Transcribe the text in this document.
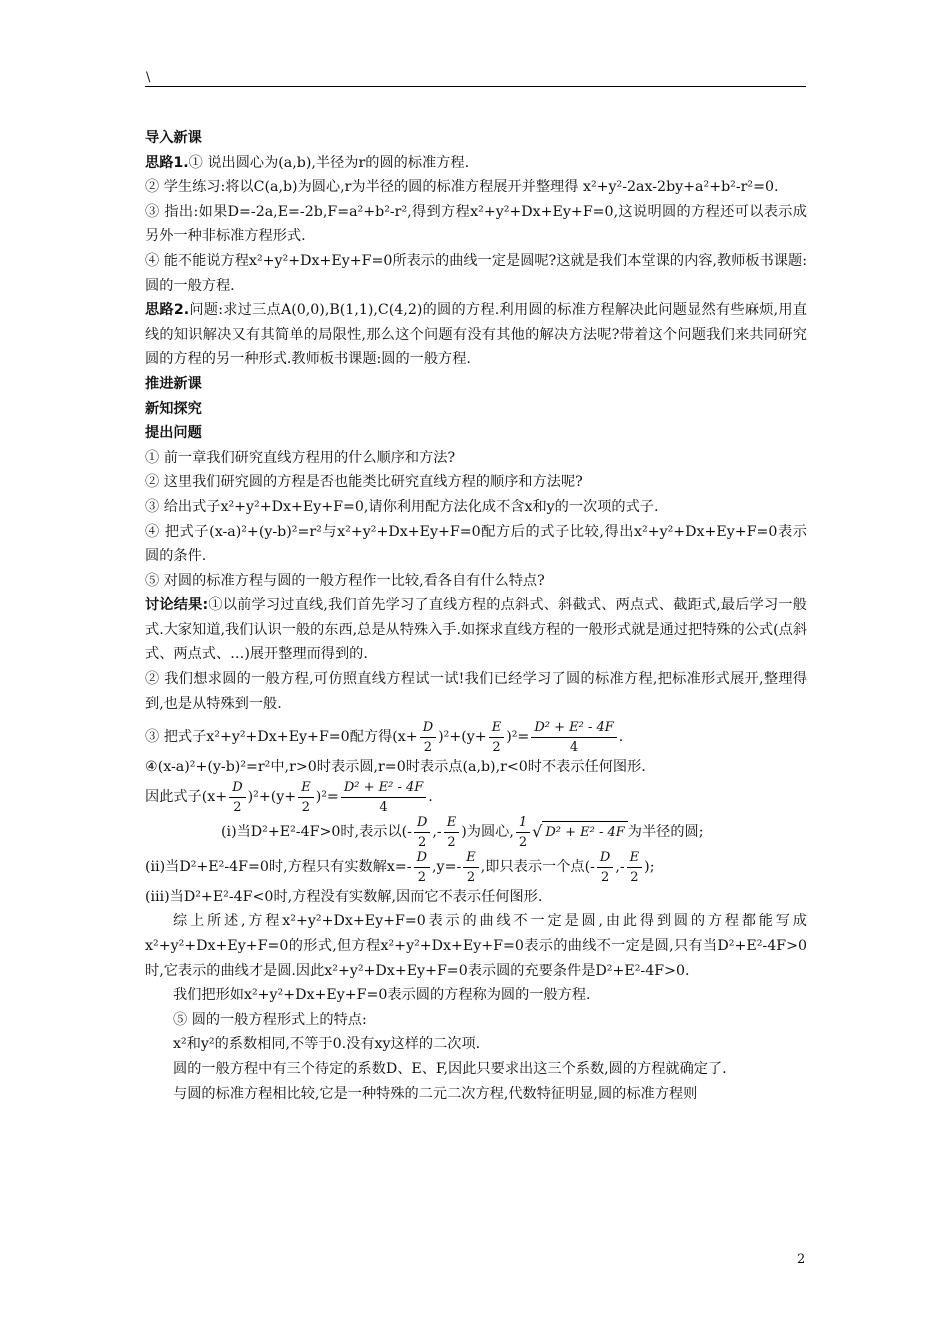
\

导入新课

思路1.① 说出圆心为(a,b),半径为r的圆的标准方程.

② 学生练习:将以C(a,b)为圆心,r为半径的圆的标准方程展开并整理得 x²+y²-2ax-2by+a²+b²-r²=0.

③ 指出:如果D=-2a,E=-2b,F=a²+b²-r²,得到方程x²+y²+Dx+Ey+F=0,这说明圆的方程还可以表示成另外一种非标准方程形式.

④ 能不能说方程x²+y²+Dx+Ey+F=0所表示的曲线一定是圆呢?这就是我们本堂课的内容,教师板书课题:圆的一般方程.

思路2.问题:求过三点A(0,0),B(1,1),C(4,2)的圆的方程.利用圆的标准方程解决此问题显然有些麻烦,用直线的知识解决又有其简单的局限性,那么这个问题有没有其他的解决方法呢?带着这个问题我们来共同研究圆的方程的另一种形式.教师板书课题:圆的一般方程.

推进新课

新知探究

提出问题

① 前一章我们研究直线方程用的什么顺序和方法?

② 这里我们研究圆的方程是否也能类比研究直线方程的顺序和方法呢?

③ 给出式子x²+y²+Dx+Ey+F=0,请你利用配方法化成不含x和y的一次项的式子.

④ 把式子(x-a)²+(y-b)²=r²与x²+y²+Dx+Ey+F=0配方后的式子比较,得出x²+y²+Dx+Ey+F=0表示圆的条件.

⑤ 对圆的标准方程与圆的一般方程作一比较,看各自有什么特点?

讨论结果:①以前学习过直线,我们首先学习了直线方程的点斜式、斜截式、两点式、截距式,最后学习一般式.大家知道,我们认识一般的东西,总是从特殊入手.如探求直线方程的一般形式就是通过把特殊的公式(点斜式、两点式、…)展开整理而得到的.

② 我们想求圆的一般方程,可仿照直线方程试一试!我们已经学习了圆的标准方程,把标准形式展开,整理得到,也是从特殊到一般.

③ 把式子x²+y²+Dx+Ey+F=0配方得$(x+ \frac{D}{2} )^2+(y+ \frac{E}{2} )^2= \frac{\text{D² + E² - 4F}}{4}$ .

④(x-a)²+(y-b)²=r²中,r>0时表示圆,r=0时表示点(a,b),r<0时不表示任何图形.

因此式子$(x+ \frac{D}{2} )^2+(y+ \frac{E}{2} )^2= \frac{\text{D² + E² - 4F}}{4}$ .
(ⅰ)当D²+E²-4F>0时,表示以(- $\frac{D}{2}$ ,- $\frac{E}{2}$ )为圆心, $\frac{1}{2}$ √ D² + E² - 4F 为半径的圆;
(ⅱ)当D²+E²-4F=0时,方程只有实数解$x=- \frac{D}{2} ,y=- \frac{E}{2}$ ,即只表示一个点(- $\frac{D}{2}$ ,- $\frac{E}{2}$ );

(ⅲ)当D²+E²-4F<0时,方程没有实数解,因而它不表示任何图形.

综上所述,方程x²+y²+Dx+Ey+F=0表示的曲线不一定是圆,由此得到圆的方程都能写成x²+y²+Dx+Ey+F=0的形式,但方程x²+y²+Dx+Ey+F=0表示的曲线不一定是圆,只有当D²+E²-4F>0时,它表示的曲线才是圆.因此x²+y²+Dx+Ey+F=0表示圆的充要条件是D²+E²-4F>0.

我们把形如x²+y²+Dx+Ey+F=0表示圆的方程称为圆的一般方程.

⑤ 圆的一般方程形式上的特点:

x²和y²的系数相同,不等于0.没有xy这样的二次项.

圆的一般方程中有三个待定的系数D、E、F,因此只要求出这三个系数,圆的方程就确定了.

与圆的标准方程相比较,它是一种特殊的二元二次方程,代数特征明显,圆的标准方程则

2
